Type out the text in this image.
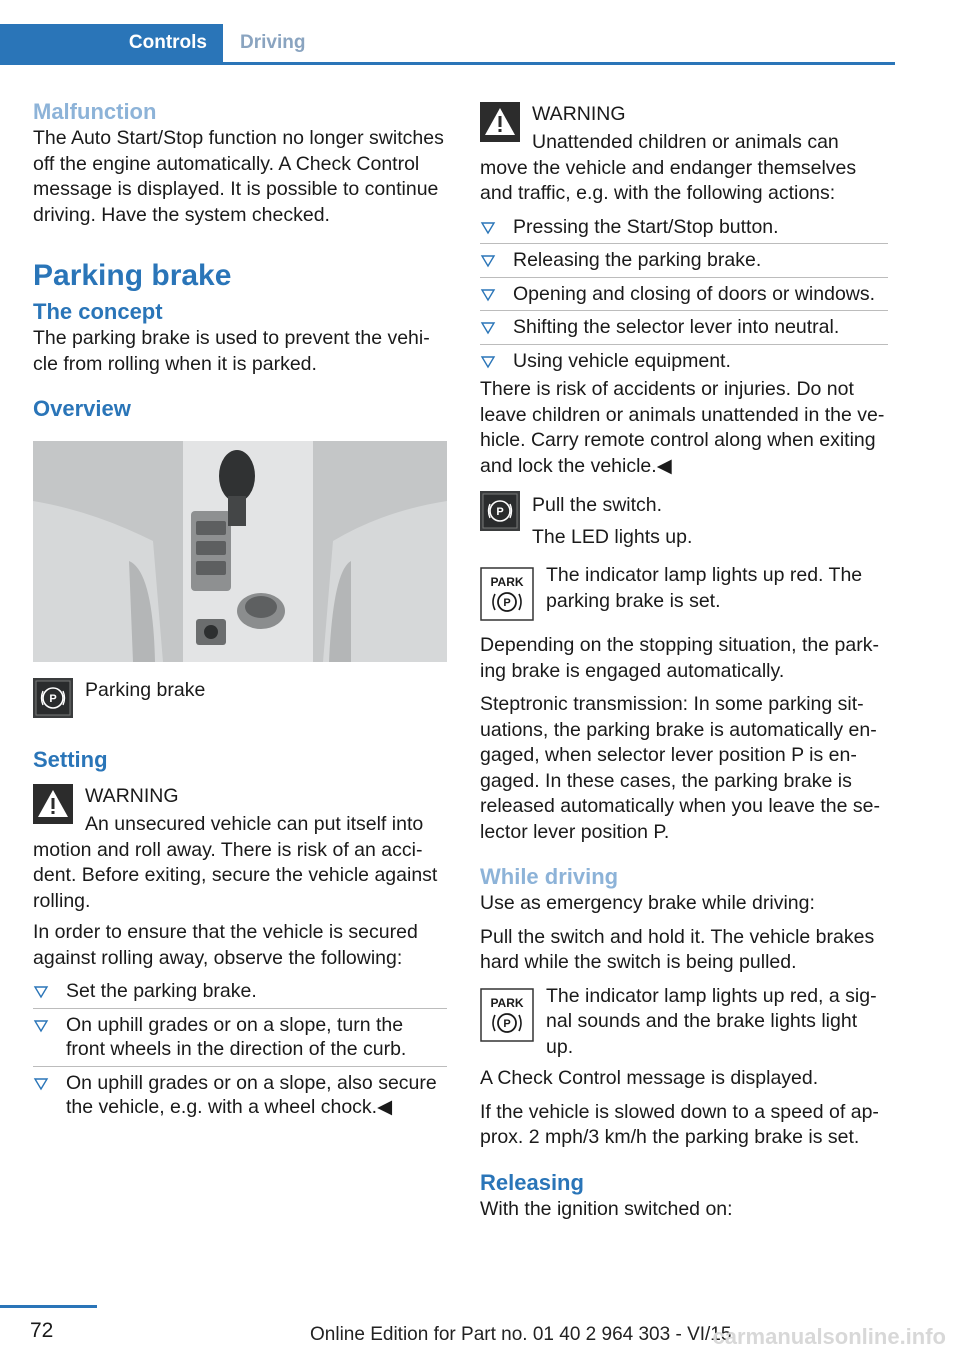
Controls	Driving
Malfunction

The Auto Start/Stop function no longer switches off the engine automatically. A Check Control message is displayed. It is possible to continue driving. Have the system checked.

Parking brake
The concept

The parking brake is used to prevent the vehicle from rolling when it is parked.

Overview
P	Parking brake

Setting
WARNING
An unsecured vehicle can put itself into motion and roll away. There is risk of an accident. Before exiting, secure the vehicle against rolling.

In order to ensure that the vehicle is secured against rolling away, observe the following:

Set the parking brake.
On uphill grades or on a slope, turn the front wheels in the direction of the curb.
On uphill grades or on a slope, also secure the vehicle, e.g. with a wheel chock.◀
WARNING
Unattended children or animals can move the vehicle and endanger themselves and traffic, e.g. with the following actions:
Pressing the Start/Stop button.
Releasing the parking brake.
Opening and closing of doors or windows.
Shifting the selector lever into neutral.
Using vehicle equipment.

There is risk of accidents or injuries. Do not leave children or animals unattended in the vehicle. Carry remote control along when exiting and lock the vehicle.◀

P	Pull the switch.

The LED lights up.

PARK
P

The indicator lamp lights up red. The parking brake is set.

Depending on the stopping situation, the parking brake is engaged automatically.

Steptronic transmission: In some parking situations, the parking brake is automatically engaged, when selector lever position P is engaged. In these cases, the parking brake is released automatically when you leave the selector lever position P.

While driving

Use as emergency brake while driving:

Pull the switch and hold it. The vehicle brakes hard while the switch is being pulled.

PARK
P

The indicator lamp lights up red, a signal sounds and the brake lights light up.

A Check Control message is displayed.

If the vehicle is slowed down to a speed of approx. 2 mph/3 km/h the parking brake is set.

Releasing

With the ignition switched on:

72	Online Edition for Part no. 01 40 2 964 303 - VI/15
carmanualsonline.info
